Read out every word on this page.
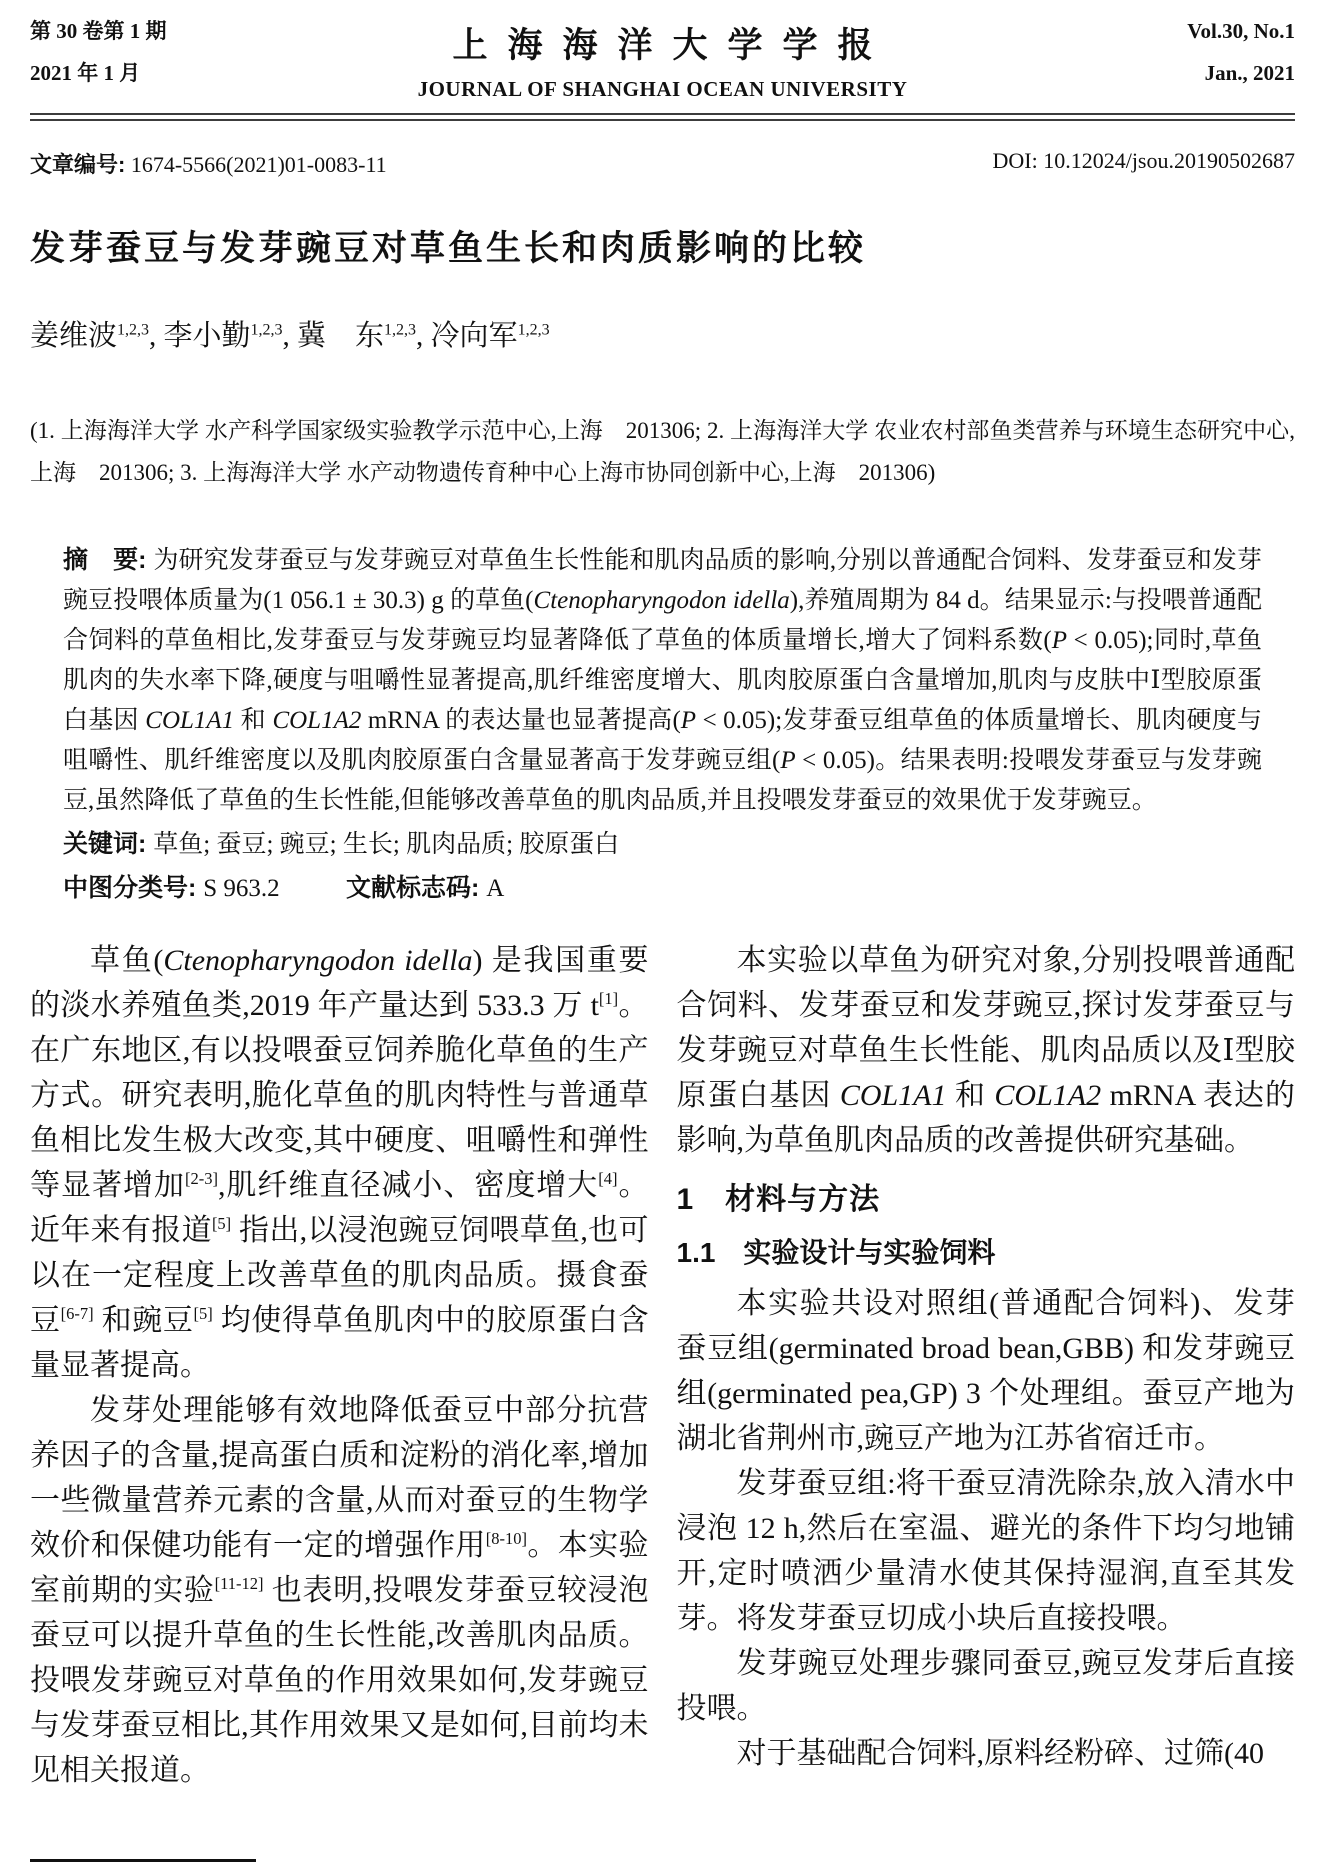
第 30 卷第 1 期
2021 年 1 月
上海海洋大学学报
JOURNAL OF SHANGHAI OCEAN UNIVERSITY
Vol.30, No.1
Jan., 2021
文章编号: 1674-5566(2021)01-0083-11	DOI: 10.12024/jsou.20190502687
发芽蚕豆与发芽豌豆对草鱼生长和肉质影响的比较
姜维波$^{1,2,3}$, 李小勤$^{1,2,3}$, 冀　东$^{1,2,3}$, 冷向军$^{1,2,3}$
(1. 上海海洋大学 水产科学国家级实验教学示范中心,上海　201306; 2. 上海海洋大学 农业农村部鱼类营养与环境生态研究中心,上海　201306; 3. 上海海洋大学 水产动物遗传育种中心上海市协同创新中心,上海　201306)
摘　要: 为研究发芽蚕豆与发芽豌豆对草鱼生长性能和肌肉品质的影响,分别以普通配合饲料、发芽蚕豆和发芽豌豆投喂体质量为(1 056.1 ± 30.3) g 的草鱼(Ctenopharyngodon idella),养殖周期为 84 d。结果显示:与投喂普通配合饲料的草鱼相比,发芽蚕豆与发芽豌豆均显著降低了草鱼的体质量增长,增大了饲料系数(P < 0.05);同时,草鱼肌肉的失水率下降,硬度与咀嚼性显著提高,肌纤维密度增大、肌肉胶原蛋白含量增加,肌肉与皮肤中Ⅰ型胶原蛋白基因 COL1A1 和 COL1A2 mRNA 的表达量也显著提高(P < 0.05);发芽蚕豆组草鱼的体质量增长、肌肉硬度与咀嚼性、肌纤维密度以及肌肉胶原蛋白含量显著高于发芽豌豆组(P < 0.05)。结果表明:投喂发芽蚕豆与发芽豌豆,虽然降低了草鱼的生长性能,但能够改善草鱼的肌肉品质,并且投喂发芽蚕豆的效果优于发芽豌豆。
关键词: 草鱼; 蚕豆; 豌豆; 生长; 肌肉品质; 胶原蛋白
中图分类号: S 963.2	文献标志码: A
草鱼(Ctenopharyngodon idella) 是我国重要的淡水养殖鱼类,2019 年产量达到 533.3 万 t[1]。在广东地区,有以投喂蚕豆饲养脆化草鱼的生产方式。研究表明,脆化草鱼的肌肉特性与普通草鱼相比发生极大改变,其中硬度、咀嚼性和弹性等显著增加[2-3],肌纤维直径减小、密度增大[4]。近年来有报道[5] 指出,以浸泡豌豆饲喂草鱼,也可以在一定程度上改善草鱼的肌肉品质。摄食蚕豆[6-7] 和豌豆[5] 均使得草鱼肌肉中的胶原蛋白含量显著提高。
发芽处理能够有效地降低蚕豆中部分抗营养因子的含量,提高蛋白质和淀粉的消化率,增加一些微量营养元素的含量,从而对蚕豆的生物学效价和保健功能有一定的增强作用[8-10]。本实验室前期的实验[11-12] 也表明,投喂发芽蚕豆较浸泡蚕豆可以提升草鱼的生长性能,改善肌肉品质。投喂发芽豌豆对草鱼的作用效果如何,发芽豌豆与发芽蚕豆相比,其作用效果又是如何,目前均未见相关报道。
本实验以草鱼为研究对象,分别投喂普通配合饲料、发芽蚕豆和发芽豌豆,探讨发芽蚕豆与发芽豌豆对草鱼生长性能、肌肉品质以及Ⅰ型胶原蛋白基因 COL1A1 和 COL1A2 mRNA 表达的影响,为草鱼肌肉品质的改善提供研究基础。
1　材料与方法
1.1　实验设计与实验饲料
本实验共设对照组(普通配合饲料)、发芽蚕豆组(germinated broad bean,GBB) 和发芽豌豆组(germinated pea,GP) 3 个处理组。蚕豆产地为湖北省荆州市,豌豆产地为江苏省宿迁市。
发芽蚕豆组:将干蚕豆清洗除杂,放入清水中浸泡 12 h,然后在室温、避光的条件下均匀地铺开,定时喷洒少量清水使其保持湿润,直至其发芽。将发芽蚕豆切成小块后直接投喂。
发芽豌豆处理步骤同蚕豆,豌豆发芽后直接投喂。
对于基础配合饲料,原料经粉碎、过筛(40
